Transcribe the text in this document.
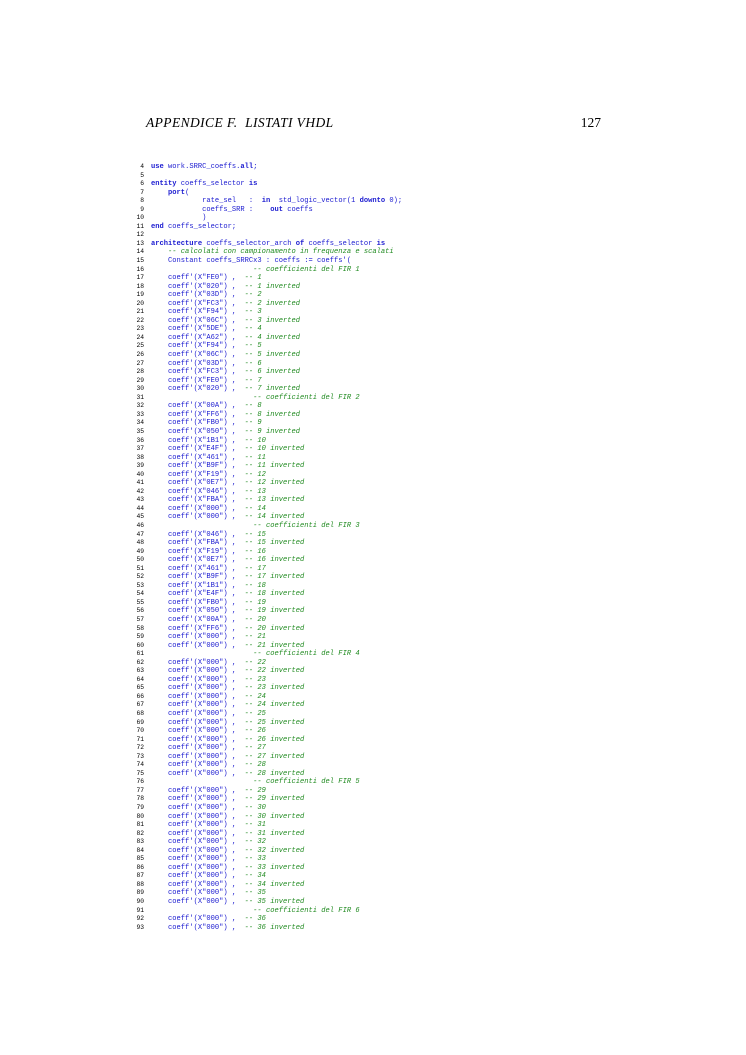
APPENDICE F.  LISTATI VHDL	127
4 use work.SRRC_coeffs.all;
5
6 entity coeffs_selector is
7	port(
8 rate_sel   :  in  std_logic_vector(1 downto 0);
9 coeffs_SRR :    out coeffs
10 )
11 end coeffs_selector;
12
13 architecture coeffs_selector_arch of coeffs_selector is
14	-- calcolati con campionamento in frequenza e scalati
15 Constant coeffs_SRRCx3 : coeffs := coeffs'(
16	-- coefficienti del FIR 1
17 coeff'(X"FE0") ,  -- 1
18 coeff'(X"020") ,  -- 1 inverted
19 coeff'(X"03D") ,  -- 2
20 coeff'(X"FC3") ,  -- 2 inverted
21 coeff'(X"F94") ,  -- 3
22 coeff'(X"06C") ,  -- 3 inverted
23 coeff'(X"5DE") ,  -- 4
24 coeff'(X"A62") ,  -- 4 inverted
25 coeff'(X"F94") ,  -- 5
26 coeff'(X"06C") ,  -- 5 inverted
27 coeff'(X"03D") ,  -- 6
28 coeff'(X"FC3") ,  -- 6 inverted
29 coeff'(X"FE0") ,  -- 7
30 coeff'(X"020") ,  -- 7 inverted
31	-- coefficienti del FIR 2
32 coeff'(X"00A") ,  -- 8
33 coeff'(X"FF6") ,  -- 8 inverted
34 coeff'(X"FB0") ,  -- 9
35 coeff'(X"050") ,  -- 9 inverted
36 coeff'(X"1B1") ,  -- 10
37 coeff'(X"E4F") ,  -- 10 inverted
38 coeff'(X"461") ,  -- 11
39 coeff'(X"B9F") ,  -- 11 inverted
40 coeff'(X"F19") ,  -- 12
41 coeff'(X"0E7") ,  -- 12 inverted
42 coeff'(X"046") ,  -- 13
43 coeff'(X"FBA") ,  -- 13 inverted
44 coeff'(X"000") ,  -- 14
45 coeff'(X"000") ,  -- 14 inverted
46	-- coefficienti del FIR 3
47 coeff'(X"046") ,  -- 15
48 coeff'(X"FBA") ,  -- 15 inverted
49 coeff'(X"F19") ,  -- 16
50 coeff'(X"0E7") ,  -- 16 inverted
51 coeff'(X"461") ,  -- 17
52 coeff'(X"B9F") ,  -- 17 inverted
53 coeff'(X"1B1") ,  -- 18
54 coeff'(X"E4F") ,  -- 18 inverted
55 coeff'(X"FB0") ,  -- 19
56 coeff'(X"050") ,  -- 19 inverted
57 coeff'(X"00A") ,  -- 20
58 coeff'(X"FF6") ,  -- 20 inverted
59 coeff'(X"000") ,  -- 21
60 coeff'(X"000") ,  -- 21 inverted
61	-- coefficienti del FIR 4
62 coeff'(X"000") ,  -- 22
63 coeff'(X"000") ,  -- 22 inverted
64 coeff'(X"000") ,  -- 23
65 coeff'(X"000") ,  -- 23 inverted
66 coeff'(X"000") ,  -- 24
67 coeff'(X"000") ,  -- 24 inverted
68 coeff'(X"000") ,  -- 25
69 coeff'(X"000") ,  -- 25 inverted
70 coeff'(X"000") ,  -- 26
71 coeff'(X"000") ,  -- 26 inverted
72 coeff'(X"000") ,  -- 27
73 coeff'(X"000") ,  -- 27 inverted
74 coeff'(X"000") ,  -- 28
75 coeff'(X"000") ,  -- 28 inverted
76	-- coefficienti del FIR 5
77 coeff'(X"000") ,  -- 29
78 coeff'(X"000") ,  -- 29 inverted
79 coeff'(X"000") ,  -- 30
80 coeff'(X"000") ,  -- 30 inverted
81 coeff'(X"000") ,  -- 31
82 coeff'(X"000") ,  -- 31 inverted
83 coeff'(X"000") ,  -- 32
84 coeff'(X"000") ,  -- 32 inverted
85 coeff'(X"000") ,  -- 33
86 coeff'(X"000") ,  -- 33 inverted
87 coeff'(X"000") ,  -- 34
88 coeff'(X"000") ,  -- 34 inverted
89 coeff'(X"000") ,  -- 35
90 coeff'(X"000") ,  -- 35 inverted
91	-- coefficienti del FIR 6
92 coeff'(X"000") ,  -- 36
93 coeff'(X"000") ,  -- 36 inverted
